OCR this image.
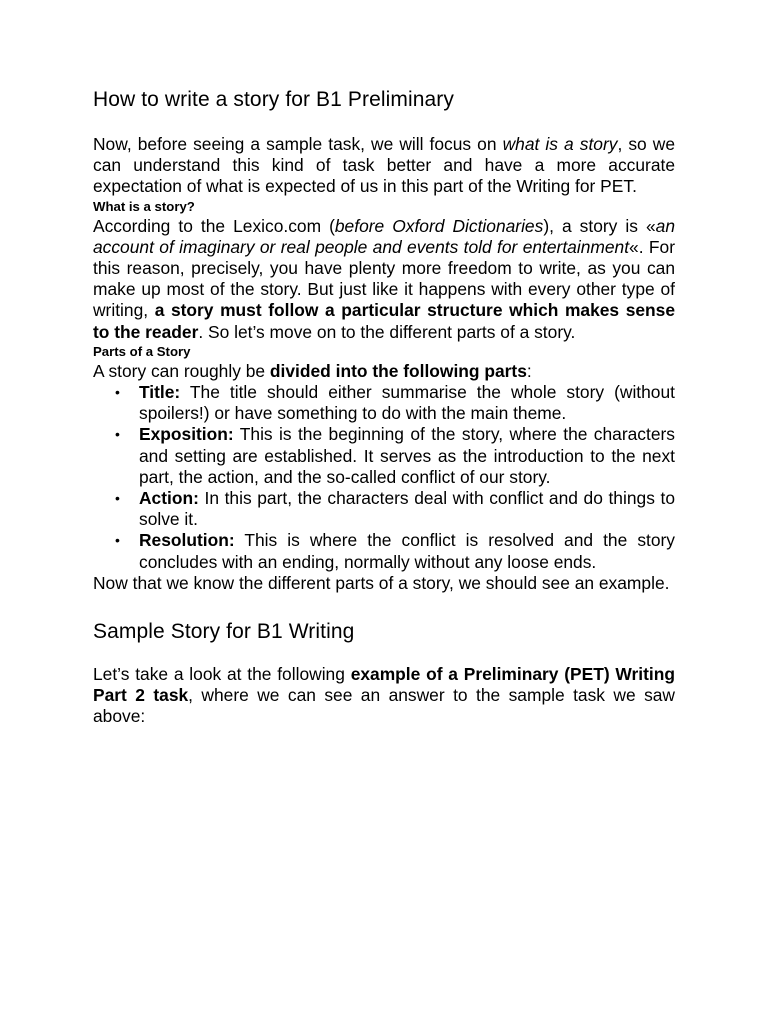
How to write a story for B1 Preliminary

Now, before seeing a sample task, we will focus on what is a story, so we can understand this kind of task better and have a more accurate expectation of what is expected of us in this part of the Writing for PET.

What is a story?

According to the Lexico.com (before Oxford Dictionaries), a story is «an account of imaginary or real people and events told for entertainment«. For this reason, precisely, you have plenty more freedom to write, as you can make up most of the story. But just like it happens with every other type of writing, a story must follow a particular structure which makes sense to the reader. So let’s move on to the different parts of a story.

Parts of a Story

A story can roughly be divided into the following parts:

• Title: The title should either summarise the whole story (without spoilers!) or have something to do with the main theme.
• Exposition: This is the beginning of the story, where the characters and setting are established. It serves as the introduction to the next part, the action, and the so-called conflict of our story.
• Action: In this part, the characters deal with conflict and do things to solve it.
• Resolution: This is where the conflict is resolved and the story concludes with an ending, normally without any loose ends.

Now that we know the different parts of a story, we should see an example.

Sample Story for B1 Writing

Let’s take a look at the following example of a Preliminary (PET) Writing Part 2 task, where we can see an answer to the sample task we saw above:
